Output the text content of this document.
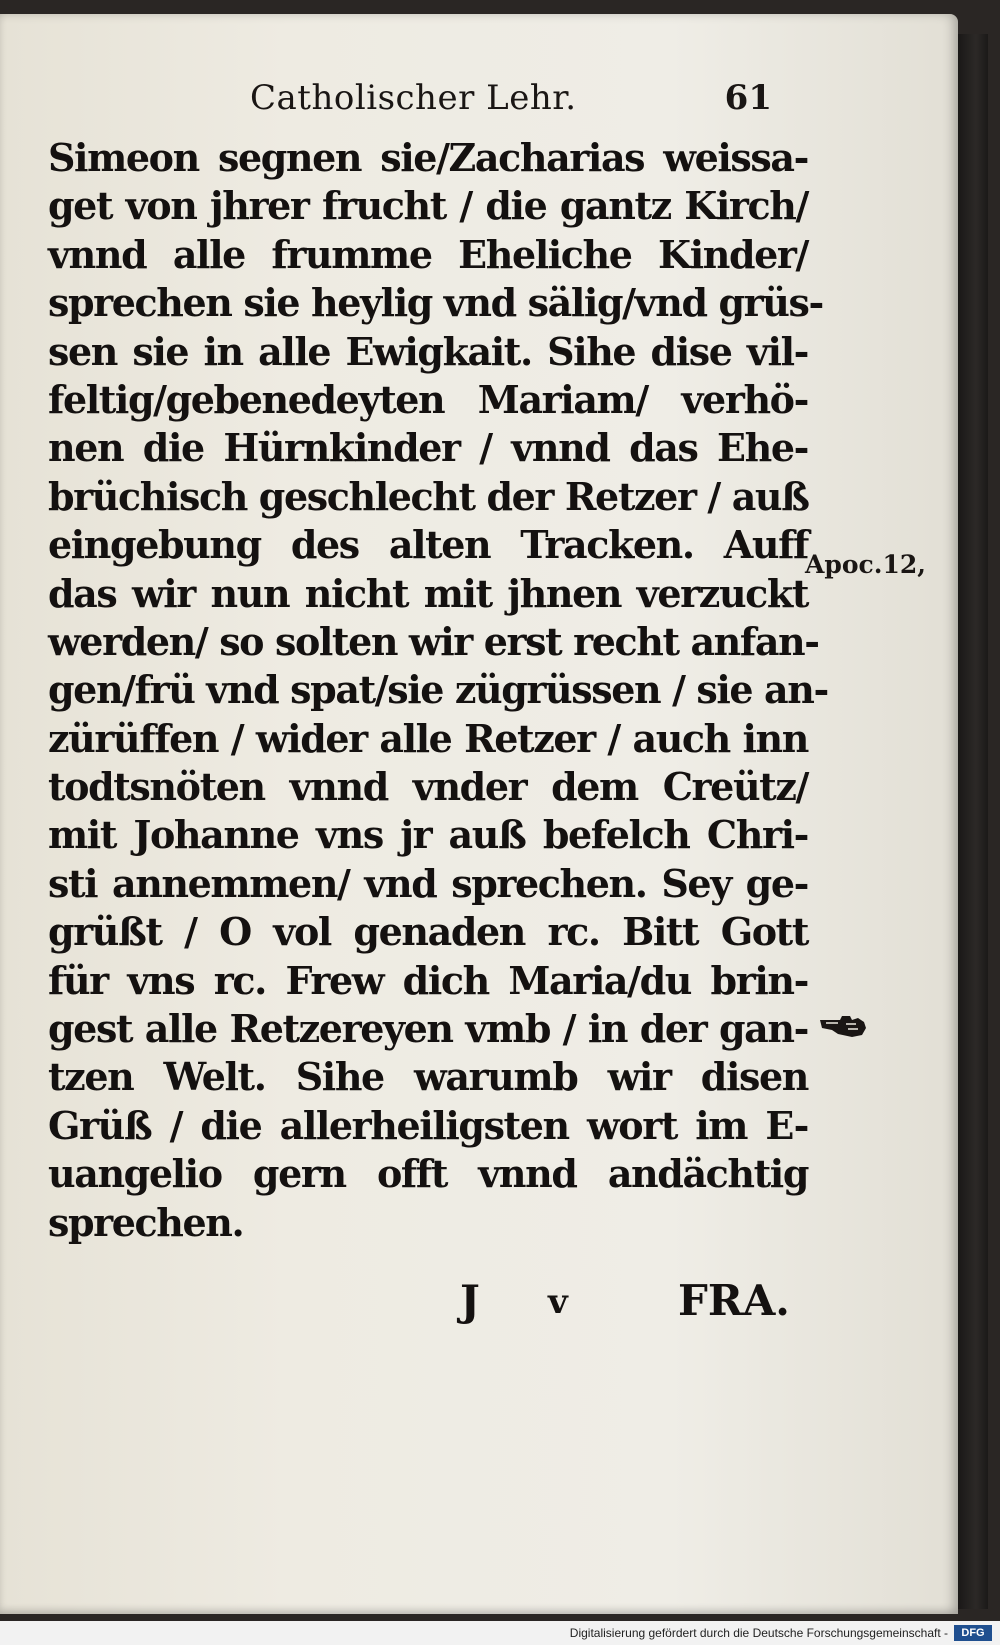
Catholischer Lehr.	61
Simeon segnen sie/Zacharias weissa-
get von jhrer frucht / die gantz Kirch/
vnnd alle frumme Eheliche Kinder/
sprechen sie heylig vnd sälig/vnd grüs-
sen sie in alle Ewigkait. Sihe dise vil-
feltig/gebenedeyten Mariam/ verhö-
nen die Hürnkinder / vnnd das Ehe-
brüchisch geschlecht der Retzer / auß
eingebung des alten Tracken. Auff
das wir nun nicht mit jhnen verzuckt
werden/ so solten wir erst recht anfan-
gen/frü vnd spat/sie zügrüssen / sie an-
zürüffen / wider alle Retzer / auch inn
todtsnöten vnnd vnder dem Creütz/
mit Johanne vns jr auß befelch Chri-
sti annemmen/ vnd sprechen. Sey ge-
grüßt / O vol genaden rc. Bitt Gott
für vns rc. Frew dich Maria/du brin-
gest alle Retzereyen vmb / in der gan-
tzen Welt. Sihe warumb wir disen
Grüß / die allerheiligsten wort im E-
uangelio gern offt vnnd andächtig
sprechen.
Apoc.12,
J v	FRA.
Digitalisierung gefördert durch die Deutsche Forschungsgemeinschaft -	DFG
